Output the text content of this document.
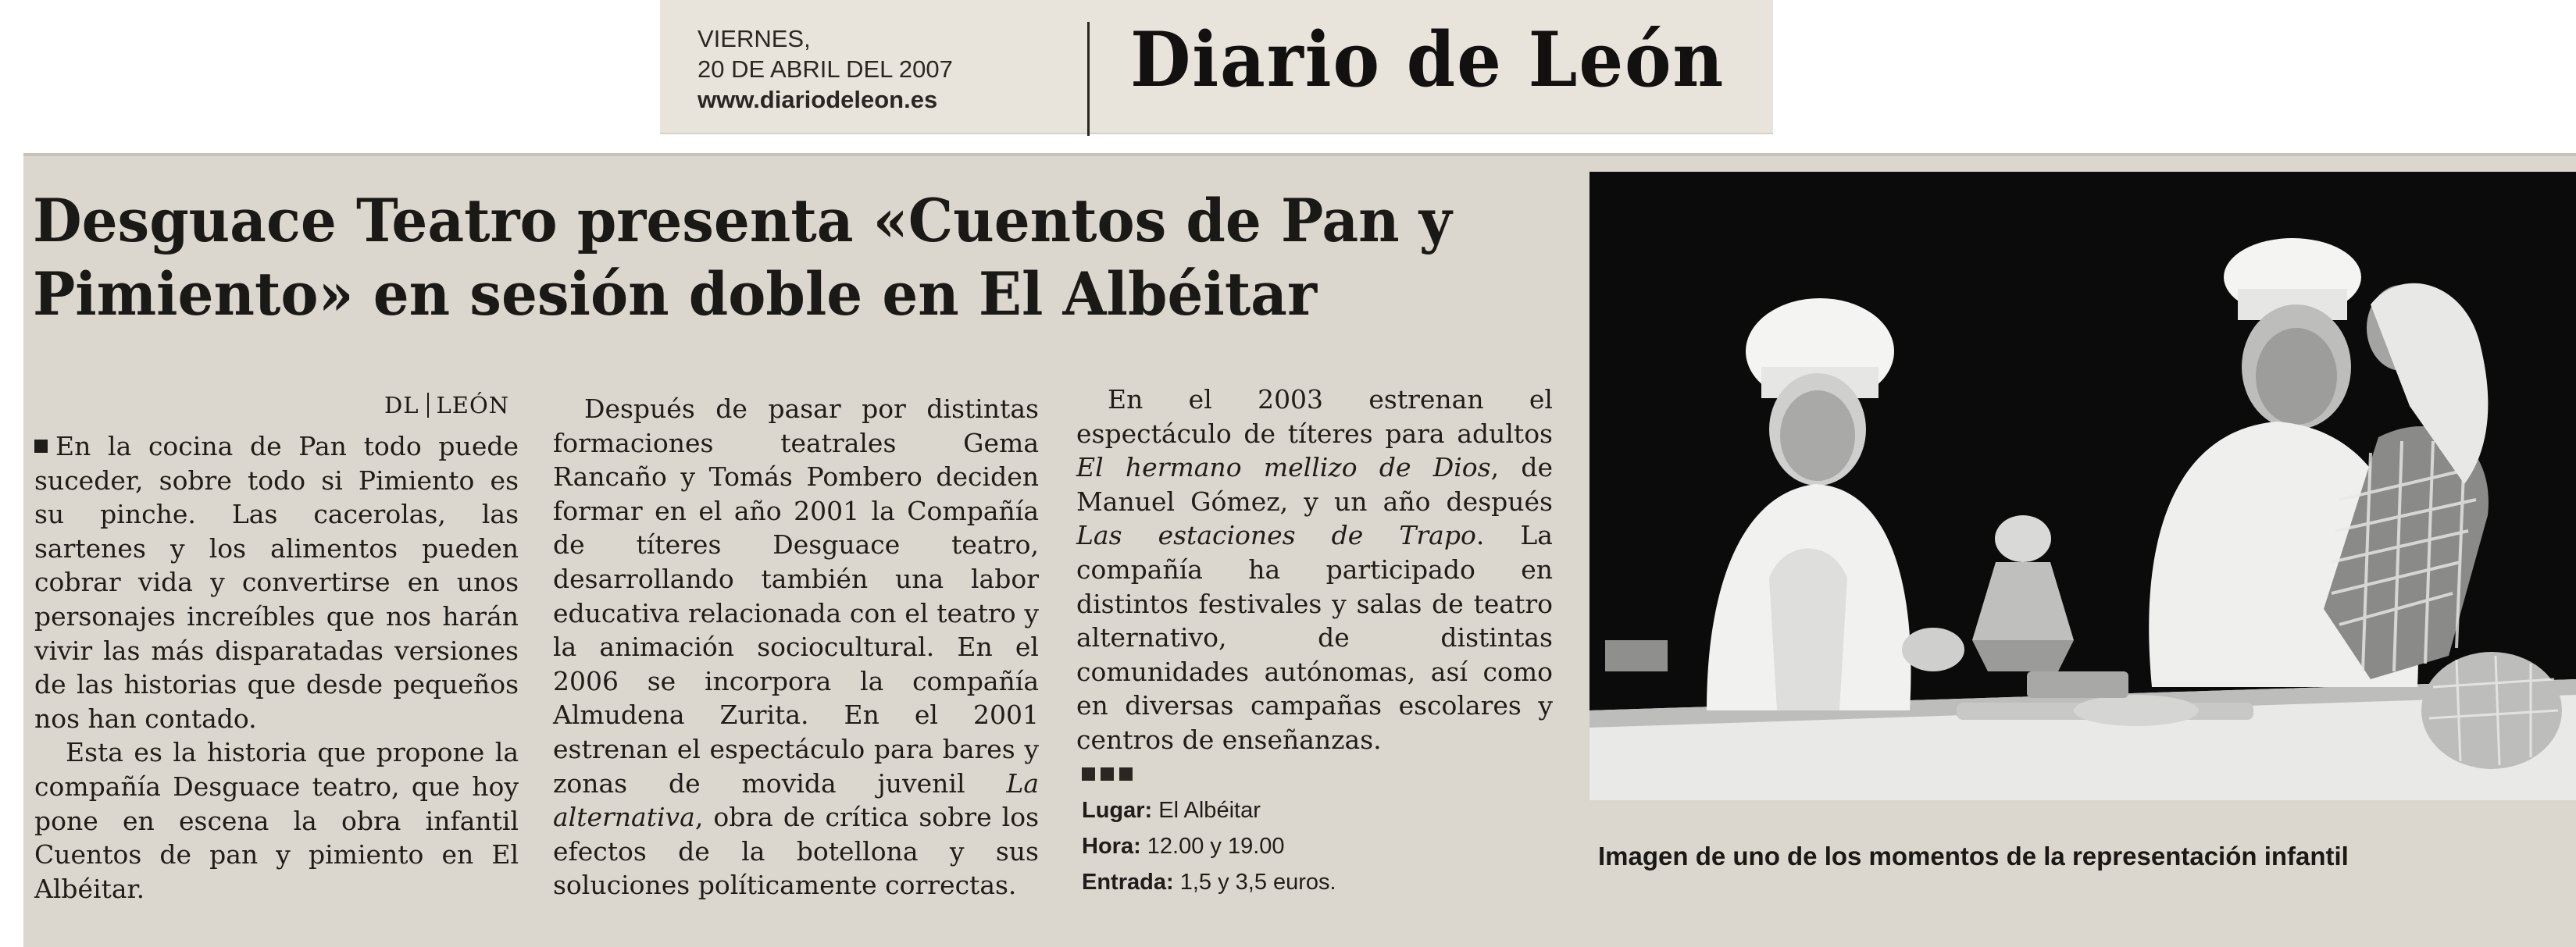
VIERNES,
20 DE ABRIL DEL 2007
www.diariodeleon.es	Diario de León
Desguace Teatro presenta «Cuentos de Pan y Pimiento» en sesión doble en El Albéitar
DL LEÓN

En la cocina de Pan todo puede suceder, sobre todo si Pimiento es su pinche. Las cacerolas, las sartenes y los alimentos pueden cobrar vida y convertirse en unos personajes increíbles que nos harán vivir las más disparatadas versiones de las historias que desde pequeños nos han contado.

Esta es la historia que propone la compañía Desguace teatro, que hoy pone en escena la obra infantil Cuentos de pan y pimiento en El Albéitar.

Después de pasar por distintas formaciones teatrales Gema Rancaño y Tomás Pombero deciden formar en el año 2001 la Compañía de títeres Desguace teatro, desarrollando también una labor educativa relacionada con el teatro y la animación sociocultural. En el 2006 se incorpora la compañía Almudena Zurita. En el 2001 estrenan el espectáculo para bares y zonas de movida juvenil La alternativa, obra de crítica sobre los efectos de la botellona y sus soluciones políticamente correctas.

En el 2003 estrenan el espectáculo de títeres para adultos El hermano mellizo de Dios, de Manuel Gómez, y un año después Las estaciones de Trapo. La compañía ha participado en distintos festivales y salas de teatro alternativo, de distintas comunidades autónomas, así como en diversas campañas escolares y centros de enseñanzas.

Lugar: El Albéitar
Hora: 12.00 y 19.00
Entrada: 1,5 y 3,5 euros.
Imagen de uno de los momentos de la representación infantil
